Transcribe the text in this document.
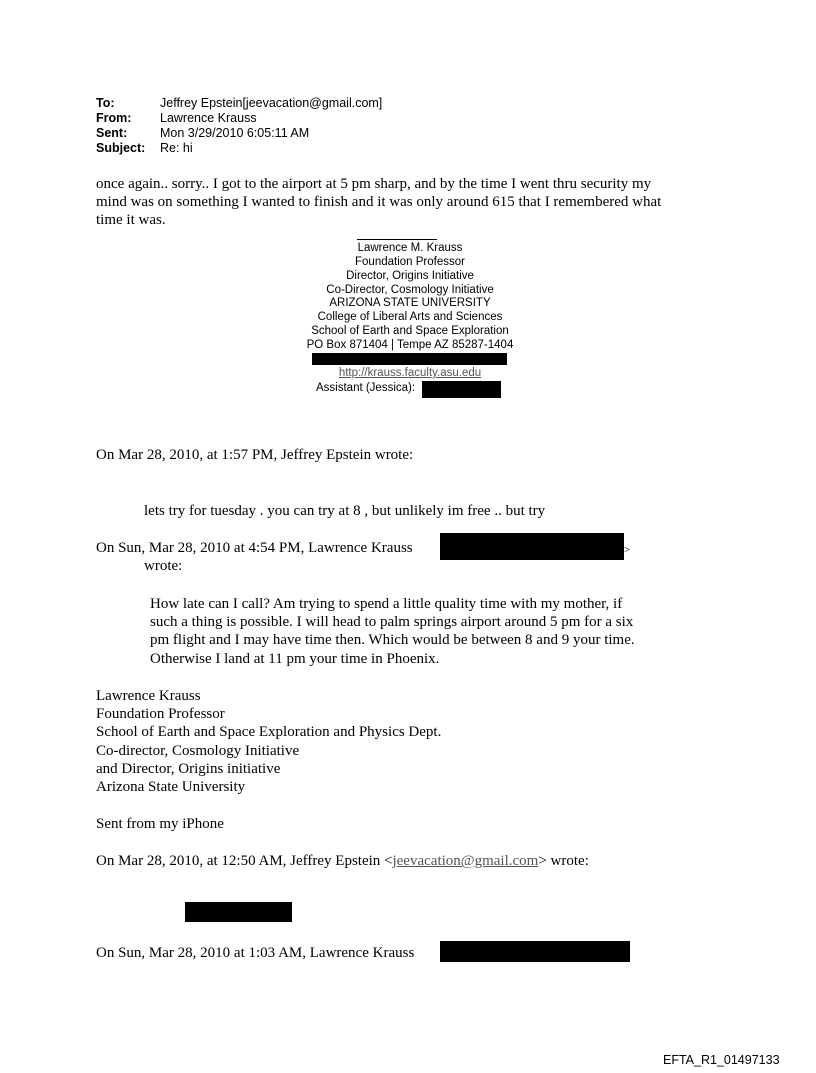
To:	Jeffrey Epstein[jeevacation@gmail.com]
From: Lawrence Krauss
Sent:	Mon 3/29/2010 6:05:11 AM
Subject: Re: hi
once again.. sorry.. I got to the airport at 5 pm sharp, and by the time I went thru security my
mind was on something I wanted to finish and it was only around 615 that I remembered what
time it was.
Lawrence M. Krauss
Foundation Professor
Director, Origins Initiative
Co-Director, Cosmology Initiative
ARIZONA STATE UNIVERSITY
College of Liberal Arts and Sciences
School of Earth and Space Exploration
PO Box 871404 | Tempe AZ 85287-1404
http://krauss.faculty.asu.edu
Assistant (Jessica):
On Mar 28, 2010, at 1:57 PM, Jeffrey Epstein wrote:
lets try for tuesday . you can try at 8 , but unlikely im free .. but try
On Sun, Mar 28, 2010 at 4:54 PM, Lawrence Krauss	>
wrote:
How late can I call? Am trying to spend a little quality time with my mother, if
such a thing is possible. I will head to palm springs airport around 5 pm for a six
pm flight and I may have time then. Which would be between 8 and 9 your time.
Otherwise I land at 11 pm your time in Phoenix.
Lawrence Krauss
Foundation Professor
School of Earth and Space Exploration and Physics Dept.
Co-director, Cosmology Initiative
and Director, Origins initiative
Arizona State University
Sent from my iPhone
On Mar 28, 2010, at 12:50 AM, Jeffrey Epstein <jeevacation@gmail.com> wrote:
On Sun, Mar 28, 2010 at 1:03 AM, Lawrence Krauss
EFTA_R1_01497133
